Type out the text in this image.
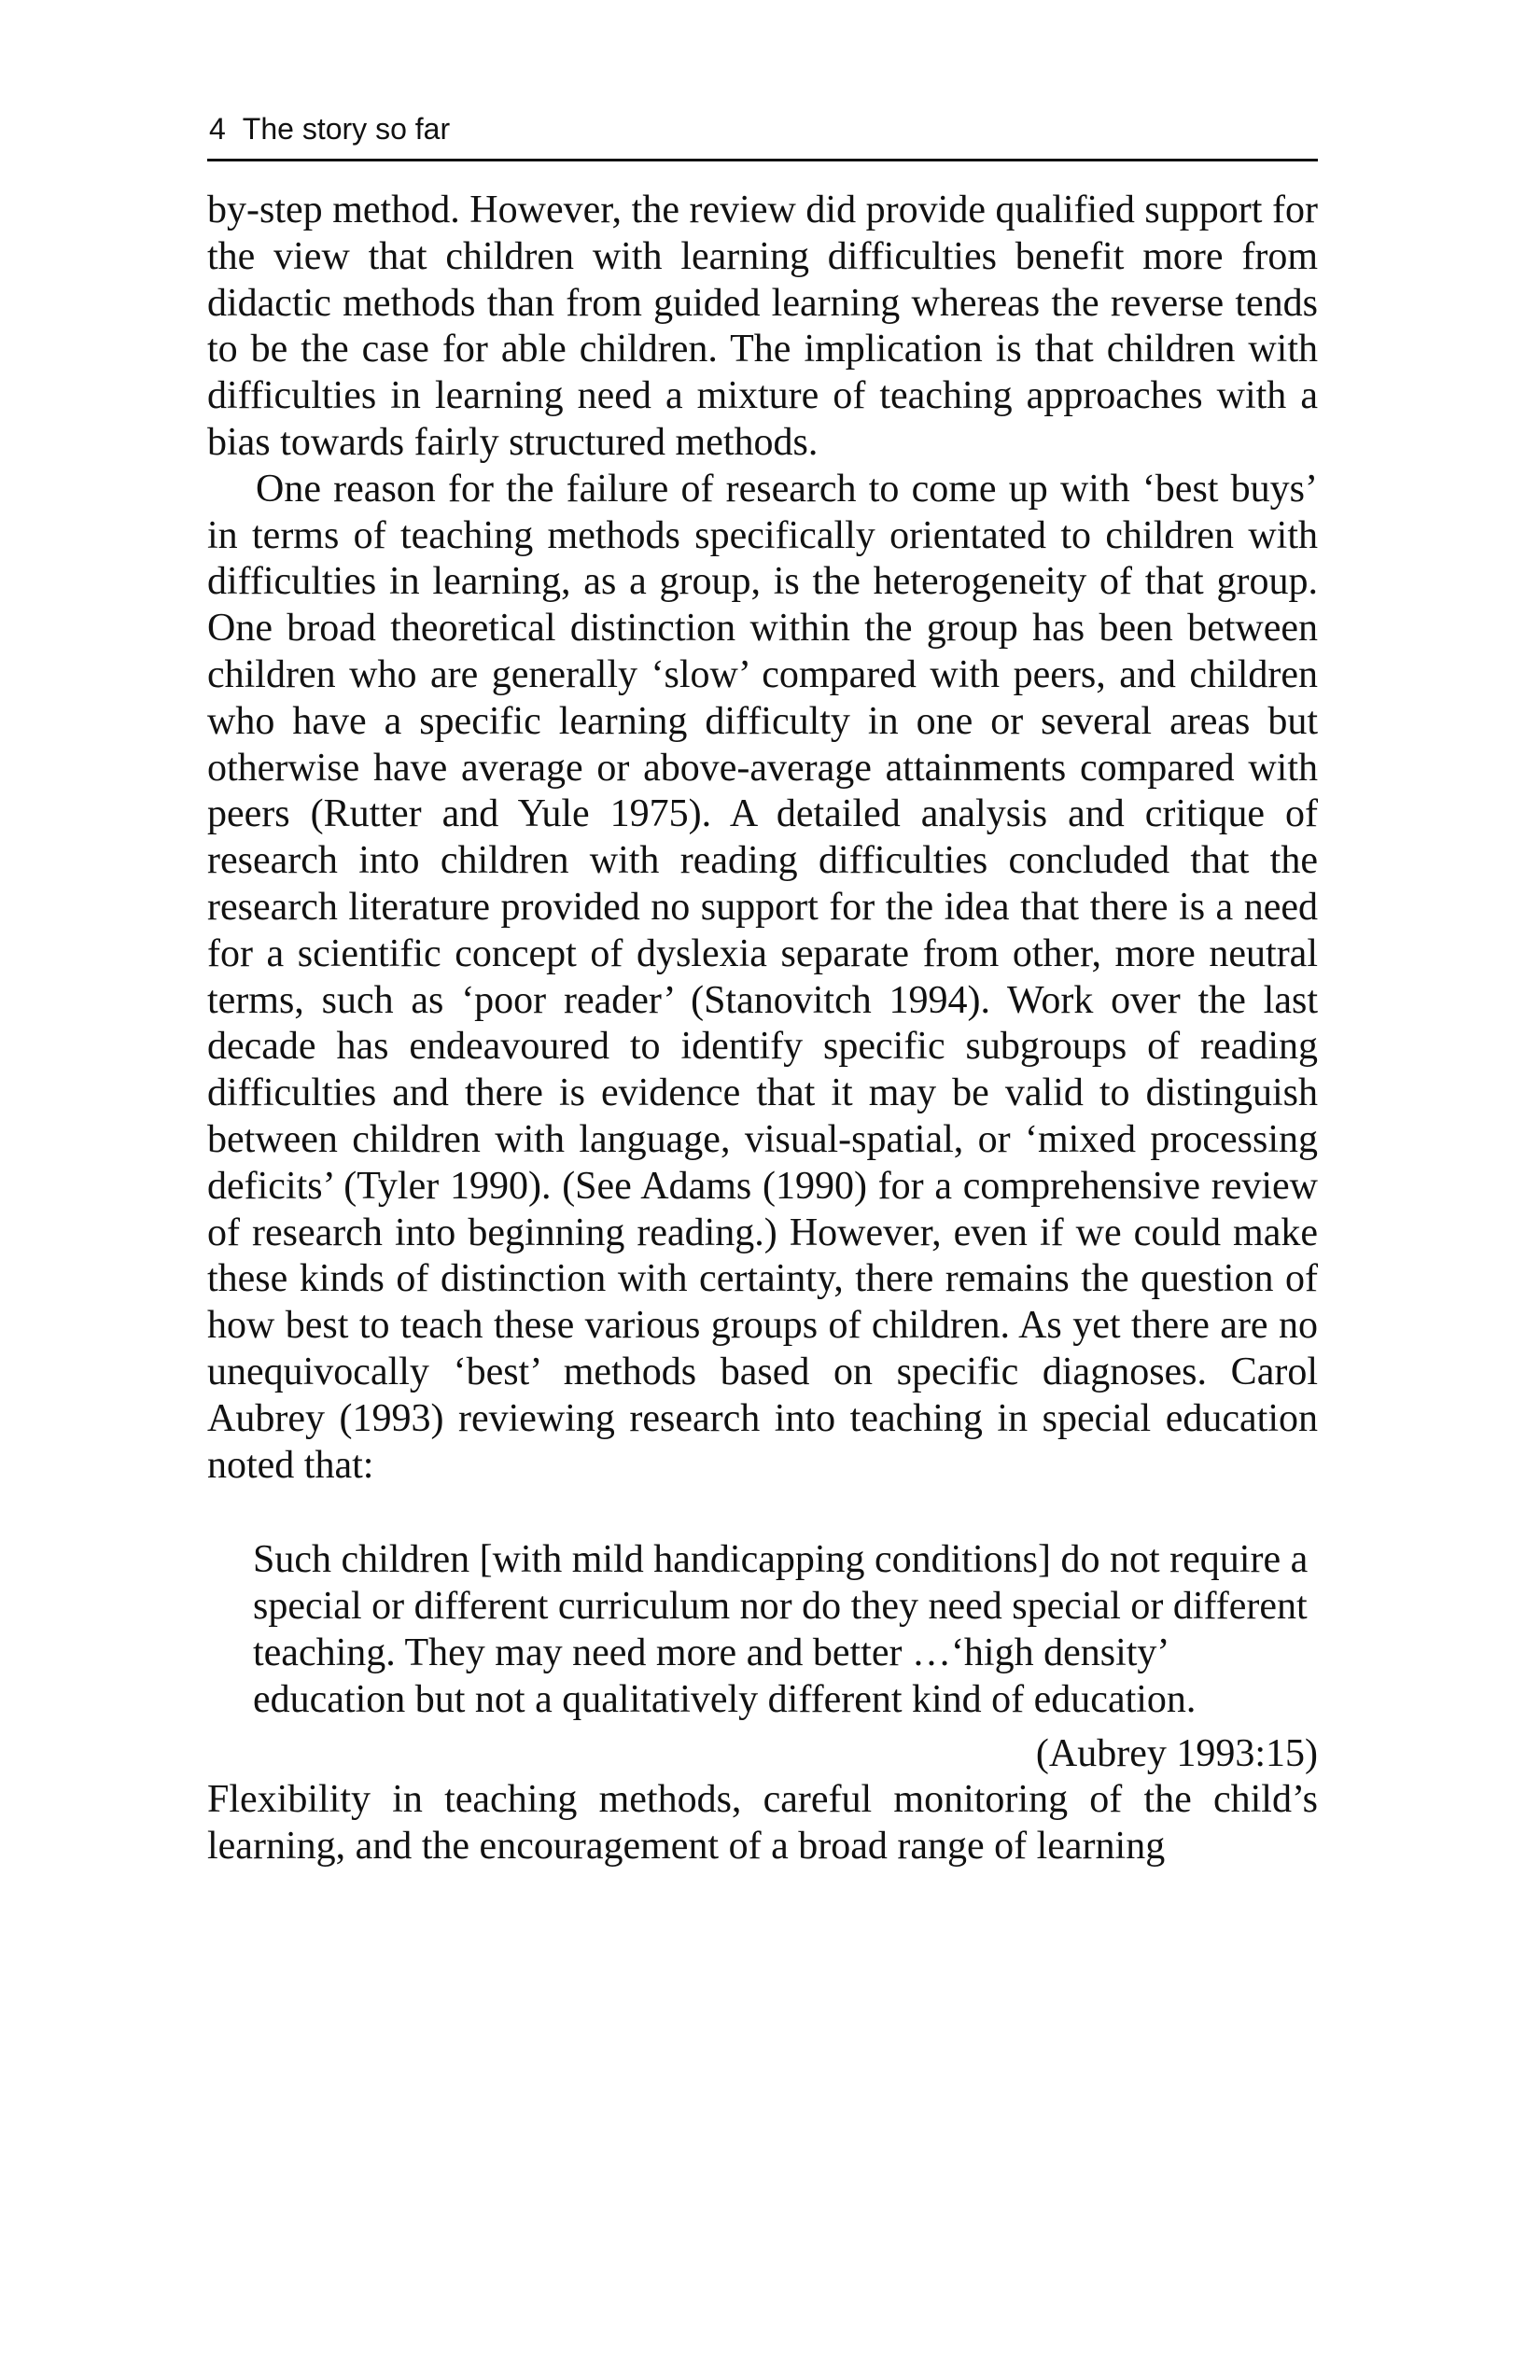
4 The story so far

by-step method. However, the review did provide qualified support for the view that children with learning difficulties benefit more from didactic methods than from guided learning whereas the reverse tends to be the case for able children. The implication is that children with difficulties in learning need a mixture of teaching approaches with a bias towards fairly structured methods.

One reason for the failure of research to come up with ‘best buys’ in terms of teaching methods specifically orientated to children with difficulties in learning, as a group, is the heterogeneity of that group. One broad theoretical distinction within the group has been between children who are generally ‘slow’ compared with peers, and children who have a specific learning difficulty in one or several areas but otherwise have average or above-average attainments compared with peers (Rutter and Yule 1975). A detailed analysis and critique of research into children with reading difficulties concluded that the research literature provided no support for the idea that there is a need for a scientific concept of dyslexia separate from other, more neutral terms, such as ‘poor reader’ (Stanovitch 1994). Work over the last decade has endeavoured to identify specific subgroups of reading difficulties and there is evidence that it may be valid to distinguish between children with language, visual-spatial, or ‘mixed processing deficits’ (Tyler 1990). (See Adams (1990) for a comprehensive review of research into beginning reading.) However, even if we could make these kinds of distinction with certainty, there remains the question of how best to teach these various groups of children. As yet there are no unequivocally ‘best’ methods based on specific diagnoses. Carol Aubrey (1993) reviewing research into teaching in special education noted that:

Such children [with mild handicapping conditions] do not require a special or different curriculum nor do they need special or different teaching. They may need more and better …‘high density’ education but not a qualitatively different kind of education.

(Aubrey 1993:15)

Flexibility in teaching methods, careful monitoring of the child’s learning, and the encouragement of a broad range of learning
